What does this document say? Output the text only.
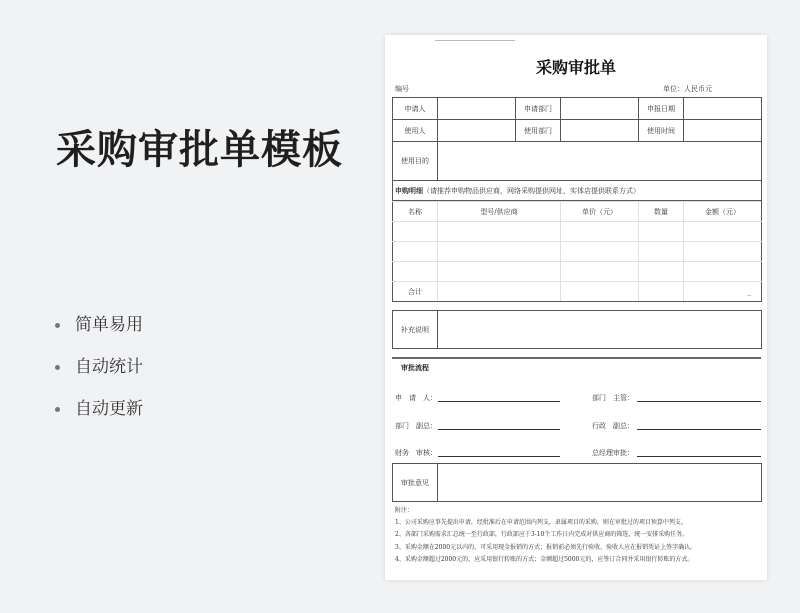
采购审批单模板
简单易用
自动统计
自动更新
采购审批单
编号	单位：人民币元
申请人		申请部门		申报日期	
使用人		使用部门		使用时间	
使用目的					
申购明细（请推荐申购物品供应商，网络采购提供网址，实体店提供联系方式）					
名称	型号/供应商	单价（元）	数量	金额（元）

合计				_
补充说明	
审批流程
申　请　人：	部门　主管：
部门　副总：	行政　副总：
财务　审核：	总经理审批：
审批意见	
附注：
1、公司采购应事先提出申请，经批准后在申请范围内列支，隶属项目的采购，则在审批过的项目预算中列支。
2、各部门采购需求汇总统一至行政部，行政部应于3-10个工作日内完成对供应商的筛选，统一安排采购任务。
3、采购金额在2000元以内的，可采用现金报销的方式；报销前必须先行验收，验收人应在报销凭证上签字确认。
4、采购金额超过2000元的，应采用银行转账的方式；金额超过5000元的，应签订合同并采用银行转账的方式。
